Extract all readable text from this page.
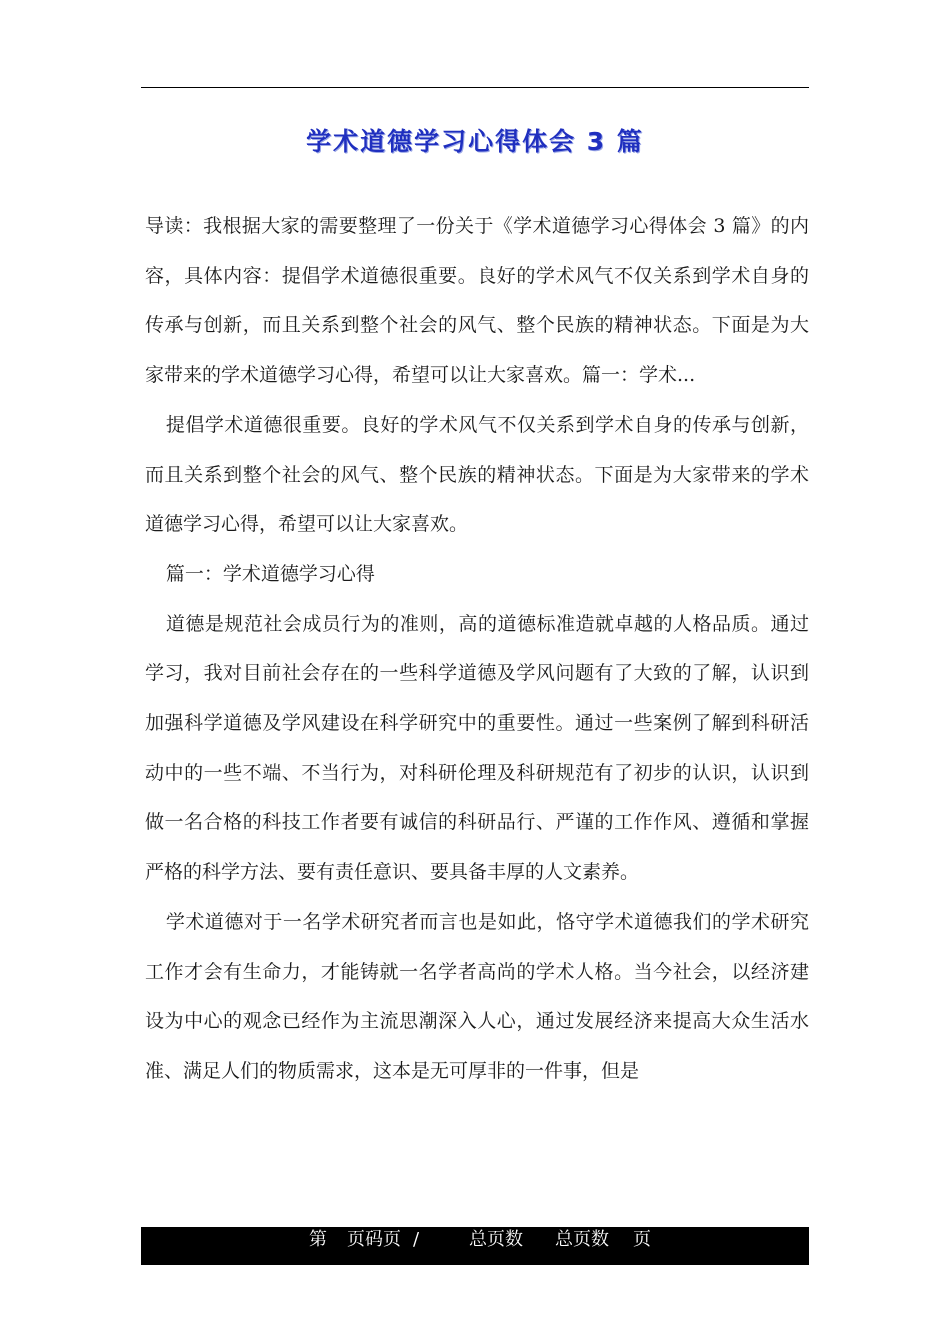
学术道德学习心得体会 3 篇

导读：我根据大家的需要整理了一份关于《学术道德学习心得体会 3 篇》的内容，具体内容：提倡学术道德很重要。良好的学术风气不仅关系到学术自身的传承与创新，而且关系到整个社会的风气、整个民族的精神状态。下面是为大家带来的学术道德学习心得，希望可以让大家喜欢。篇一：学术...

提倡学术道德很重要。良好的学术风气不仅关系到学术自身的传承与创新，而且关系到整个社会的风气、整个民族的精神状态。下面是为大家带来的学术道德学习心得，希望可以让大家喜欢。

篇一：学术道德学习心得

道德是规范社会成员行为的准则，高的道德标准造就卓越的人格品质。通过学习，我对目前社会存在的一些科学道德及学风问题有了大致的了解，认识到加强科学道德及学风建设在科学研究中的重要性。通过一些案例了解到科研活动中的一些不端、不当行为，对科研伦理及科研规范有了初步的认识，认识到做一名合格的科技工作者要有诚信的科研品行、严谨的工作作风、遵循和掌握严格的科学方法、要有责任意识、要具备丰厚的人文素养。

学术道德对于一名学术研究者而言也是如此，恪守学术道德我们的学术研究工作才会有生命力，才能铸就一名学者高尚的学术人格。当今社会，以经济建设为中心的观念已经作为主流思潮深入人心，通过发展经济来提高大众生活水准、满足人们的物质需求，这本是无可厚非的一件事，但是

第 页码页 /	总页数 总页数 页
